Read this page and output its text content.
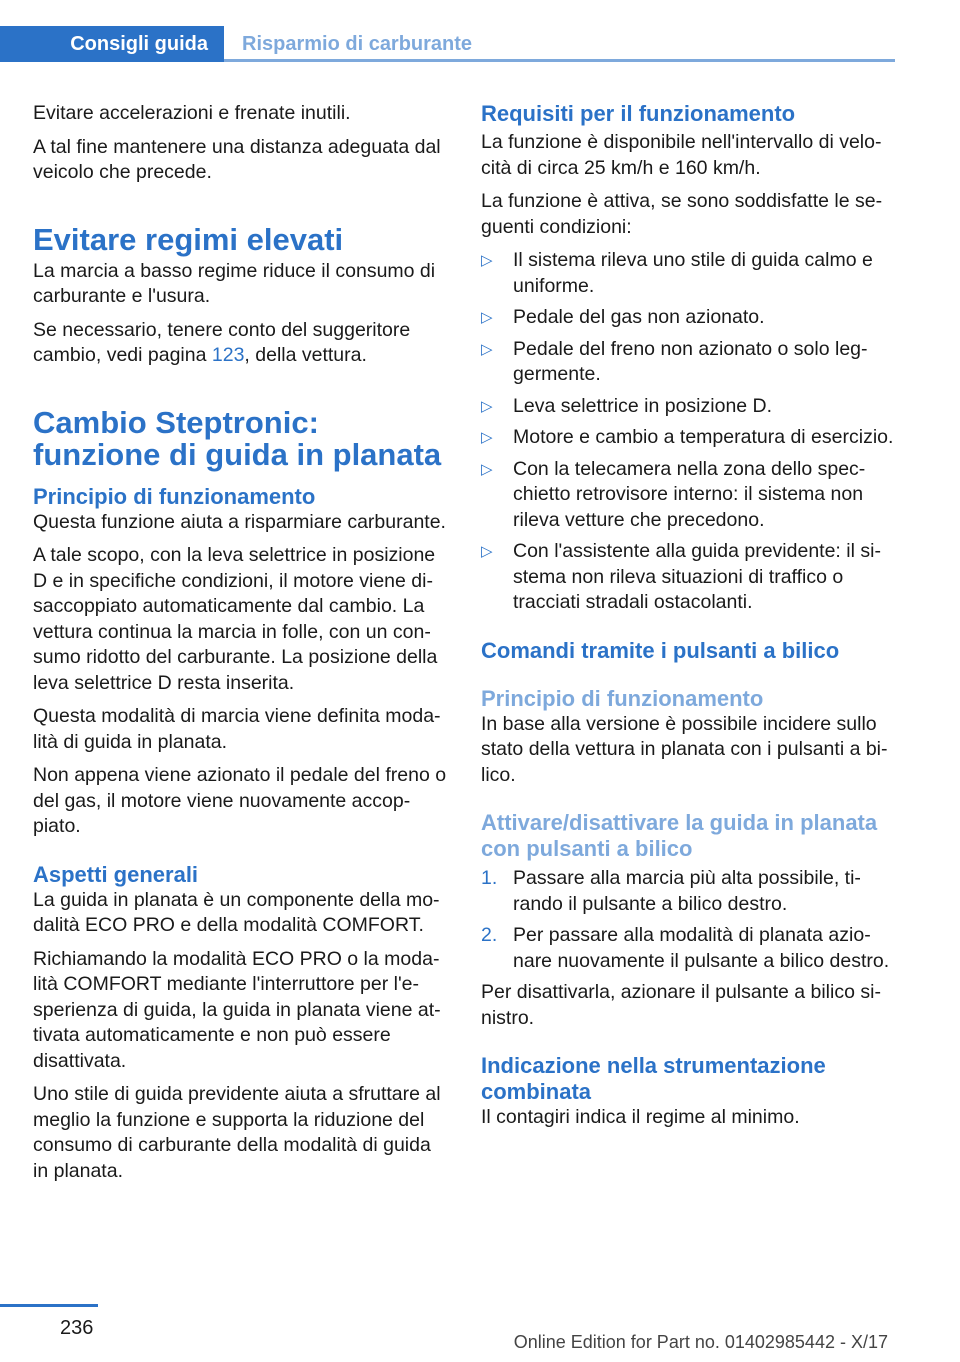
Consigli guida	Risparmio di carburante

Evitare accelerazioni e frenate inutili.

A tal fine mantenere una distanza adeguata dal veicolo che precede.

Evitare regimi elevati

La marcia a basso regime riduce il consumo di carburante e l'usura.

Se necessario, tenere conto del suggeritore cambio, vedi pagina 123, della vettura.

Cambio Steptronic: funzione di guida in planata
Principio di funzionamento

Questa funzione aiuta a risparmiare carburante.

A tale scopo, con la leva selettrice in posizione D e in specifiche condizioni, il motore viene disaccoppiato automaticamente dal cambio. La vettura continua la marcia in folle, con un consumo ridotto del carburante. La posizione della leva selettrice D resta inserita.

Questa modalità di marcia viene definita modalità di guida in planata.

Non appena viene azionato il pedale del freno o del gas, il motore viene nuovamente accoppiato.

Aspetti generali

La guida in planata è un componente della modalità ECO PRO e della modalità COMFORT.

Richiamando la modalità ECO PRO o la modalità COMFORT mediante l'interruttore per l'esperienza di guida, la guida in planata viene attivata automaticamente e non può essere disattivata.

Uno stile di guida previdente aiuta a sfruttare al meglio la funzione e supporta la riduzione del consumo di carburante della modalità di guida in planata.

Requisiti per il funzionamento

La funzione è disponibile nell'intervallo di velocità di circa 25 km/h e 160 km/h.

La funzione è attiva, se sono soddisfatte le seguenti condizioni:

▷ Il sistema rileva uno stile di guida calmo e uniforme.
▷ Pedale del gas non azionato.
▷ Pedale del freno non azionato o solo leggermente.
▷ Leva selettrice in posizione D.
▷ Motore e cambio a temperatura di esercizio.
▷ Con la telecamera nella zona dello specchietto retrovisore interno: il sistema non rileva vetture che precedono.
▷ Con l'assistente alla guida previdente: il sistema non rileva situazioni di traffico o tracciati stradali ostacolanti.
Comandi tramite i pulsanti a bilico
Principio di funzionamento

In base alla versione è possibile incidere sullo stato della vettura in planata con i pulsanti a bilico.

Attivare/disattivare la guida in planata con pulsanti a bilico
1. Passare alla marcia più alta possibile, tirando il pulsante a bilico destro.
2. Per passare alla modalità di planata azionare nuovamente il pulsante a bilico destro.

Per disattivarla, azionare il pulsante a bilico sinistro.

Indicazione nella strumentazione combinata

Il contagiri indica il regime al minimo.

236
Online Edition for Part no. 01402985442 - X/17
